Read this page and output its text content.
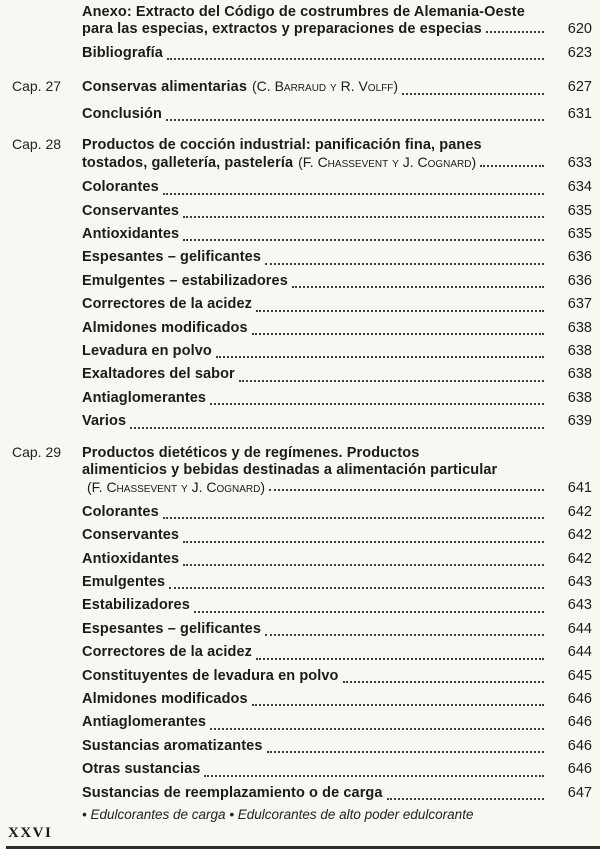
Anexo: Extracto del Código de costrumbres de Alemania-Oeste
para las especias, extractos y preparaciones de especias	620
Bibliografía	623
Cap. 27	Conservas alimentarias (C. Barraud y R. Volff)	627
Conclusión	631
Cap. 28	Productos de cocción industrial: panificación fina, panes
tostados, galletería, pastelería (F. Chassevent y J. Cognard)	633
Colorantes	634
Conservantes	635
Antioxidantes	635
Espesantes – gelificantes	636
Emulgentes – estabilizadores	636
Correctores de la acidez	637
Almidones modificados	638
Levadura en polvo	638
Exaltadores del sabor	638
Antiaglomerantes	638
Varios	639
Cap. 29	Productos dietéticos y de regímenes. Productos
alimenticios y bebidas destinadas a alimentación particular
(F. Chassevent y J. Cognard)	641
Colorantes	642
Conservantes	642
Antioxidantes	642
Emulgentes	643
Estabilizadores	643
Espesantes – gelificantes	644
Correctores de la acidez	644
Constituyentes de levadura en polvo	645
Almidones modificados	646
Antiaglomerantes	646
Sustancias aromatizantes	646
Otras sustancias	646
Sustancias de reemplazamiento o de carga	647
• Edulcorantes de carga • Edulcorantes de alto poder edulcorante
XXVI
